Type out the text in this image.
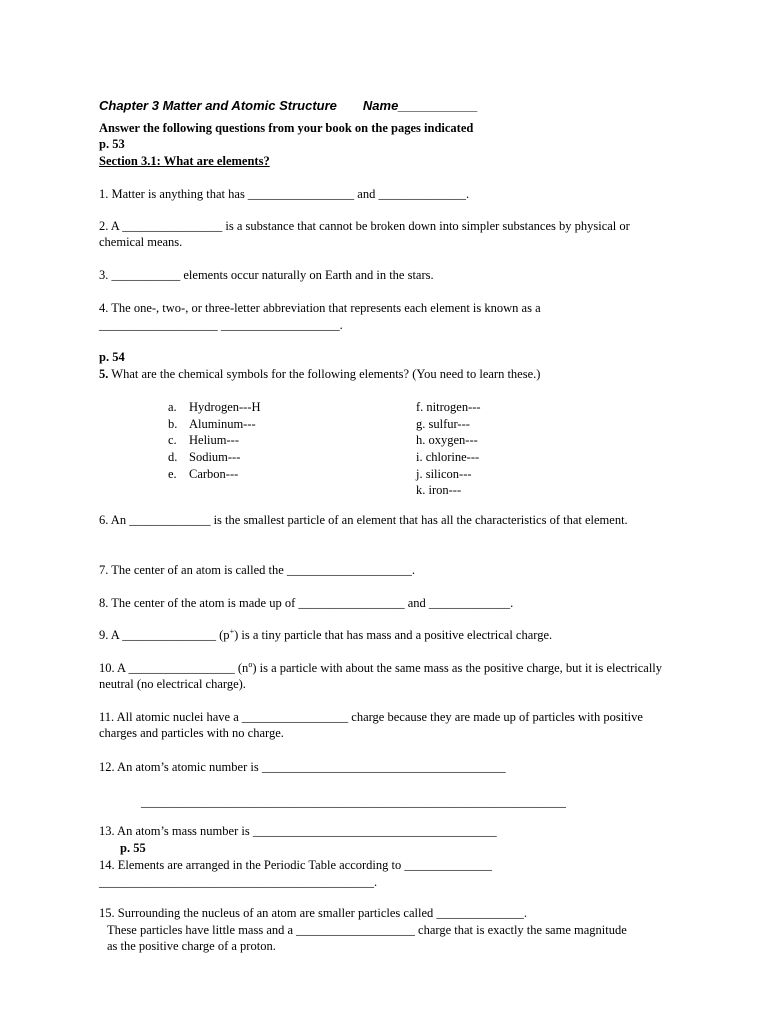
Chapter 3 Matter and Atomic Structure Name___________
Answer the following questions from your book on the pages indicated
p. 53
Section 3.1: What are elements?
1. Matter is anything that has _________________ and ______________.
2. A ________________ is a substance that cannot be broken down into simpler substances by physical or chemical means.
3. ___________ elements occur naturally on Earth and in the stars.
4. The one-, two-, or three-letter abbreviation that represents each element is known as a
___________________ ___________________.
p. 54
5. What are the chemical symbols for the following elements? (You need to learn these.)
a. Hydrogen---H
b. Aluminum---
c. Helium---
d. Sodium---
e. Carbon---
f. nitrogen---
g. sulfur---
h. oxygen---
i. chlorine---
j. silicon---
k. iron---
6. An _____________ is the smallest particle of an element that has all the characteristics of that element.
7. The center of an atom is called the ____________________.
8. The center of the atom is made up of _________________ and _____________.
9. A _______________ (p+) is a tiny particle that has mass and a positive electrical charge.
10. A _________________ $(n^o)$ is a particle with about the same mass as the positive charge, but it is electrically neutral (no electrical charge).
11. All atomic nuclei have a _________________ charge because they are made up of particles with positive charges and particles with no charge.
12. An atom’s atomic number is _______________________________________
____________________________________________________________________
13. An atom’s mass number is _______________________________________
p. 55
14. Elements are arranged in the Periodic Table according to ______________
____________________________________________.
15. Surrounding the nucleus of an atom are smaller particles called ______________.
These particles have little mass and a ___________________ charge that is exactly the same magnitude as the positive charge of a proton.
